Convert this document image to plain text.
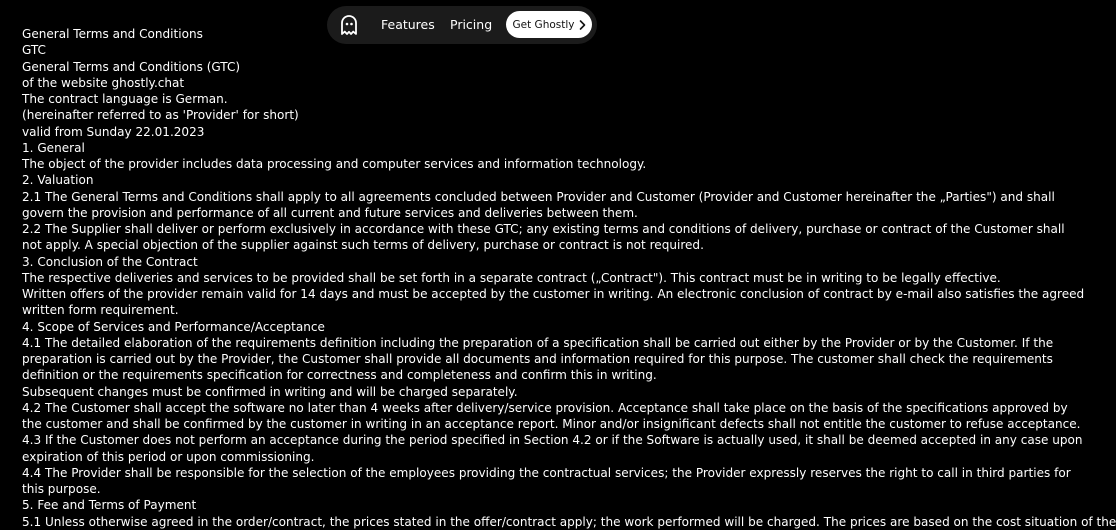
Features Pricing Get Ghostly
General Terms and Conditions
GTC
General Terms and Conditions (GTC)
of the website ghostly.chat
The contract language is German.
(hereinafter referred to as 'Provider' for short)
valid from Sunday 22.01.2023
1. General
The object of the provider includes data processing and computer services and information technology.
2. Valuation
2.1 The General Terms and Conditions shall apply to all agreements concluded between Provider and Customer (Provider and Customer hereinafter the „Parties") and shall
govern the provision and performance of all current and future services and deliveries between them.
2.2 The Supplier shall deliver or perform exclusively in accordance with these GTC; any existing terms and conditions of delivery, purchase or contract of the Customer shall
not apply. A special objection of the supplier against such terms of delivery, purchase or contract is not required.
3. Conclusion of the Contract
The respective deliveries and services to be provided shall be set forth in a separate contract („Contract"). This contract must be in writing to be legally effective.
Written offers of the provider remain valid for 14 days and must be accepted by the customer in writing. An electronic conclusion of contract by e-mail also satisfies the agreed
written form requirement.
4. Scope of Services and Performance/Acceptance
4.1 The detailed elaboration of the requirements definition including the preparation of a specification shall be carried out either by the Provider or by the Customer. If the
preparation is carried out by the Provider, the Customer shall provide all documents and information required for this purpose. The customer shall check the requirements
definition or the requirements specification for correctness and completeness and confirm this in writing.
Subsequent changes must be confirmed in writing and will be charged separately.
4.2 The Customer shall accept the software no later than 4 weeks after delivery/service provision. Acceptance shall take place on the basis of the specifications approved by
the customer and shall be confirmed by the customer in writing in an acceptance report. Minor and/or insignificant defects shall not entitle the customer to refuse acceptance.
4.3 If the Customer does not perform an acceptance during the period specified in Section 4.2 or if the Software is actually used, it shall be deemed accepted in any case upon
expiration of this period or upon commissioning.
4.4 The Provider shall be responsible for the selection of the employees providing the contractual services; the Provider expressly reserves the right to call in third parties for
this purpose.
5. Fee and Terms of Payment
5.1 Unless otherwise agreed in the order/contract, the prices stated in the offer/contract apply; the work performed will be charged. The prices are based on the cost situation of the
